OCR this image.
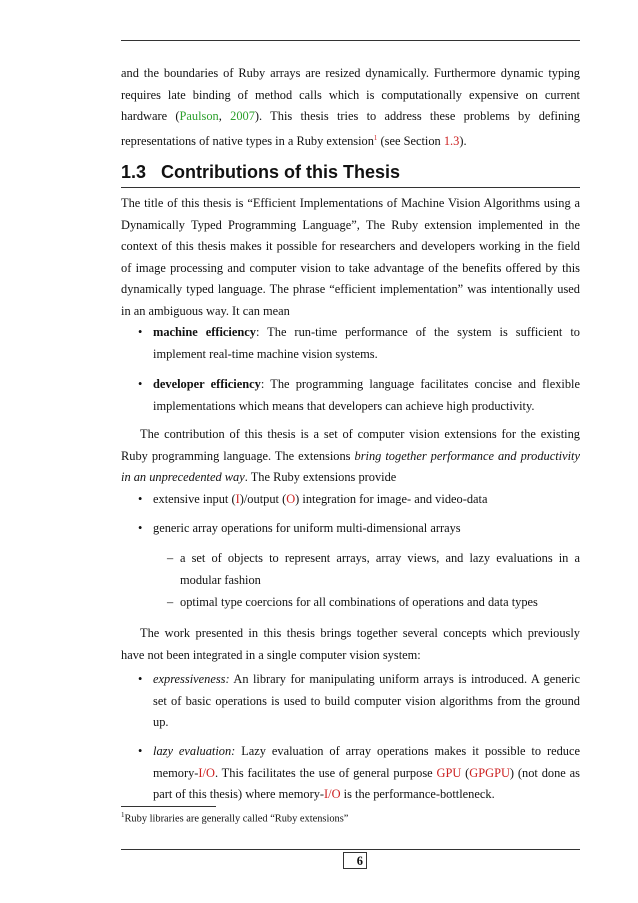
and the boundaries of Ruby arrays are resized dynamically. Furthermore dynamic typing requires late binding of method calls which is computationally expensive on current hardware (Paulson, 2007). This thesis tries to address these problems by defining representations of native types in a Ruby extension$^1$ (see Section 1.3).

1.3 Contributions of this Thesis

The title of this thesis is “Efficient Implementations of Machine Vision Algorithms using a Dynamically Typed Programming Language”, The Ruby extension implemented in the context of this thesis makes it possible for researchers and developers working in the field of image processing and computer vision to take advantage of the benefits offered by this dynamically typed language. The phrase “efficient implementation” was intentionally used in an ambiguous way. It can mean

• machine efficiency: The run-time performance of the system is sufficient to implement real-time machine vision systems.
• developer efficiency: The programming language facilitates concise and flexible implementations which means that developers can achieve high productivity.

The contribution of this thesis is a set of computer vision extensions for the existing Ruby programming language. The extensions bring together performance and productivity in an unprecedented way. The Ruby extensions provide

• extensive input (I)/output (O) integration for image- and video-data
• generic array operations for uniform multi-dimensional arrays
– a set of objects to represent arrays, array views, and lazy evaluations in a modular fashion
– optimal type coercions for all combinations of operations and data types

The work presented in this thesis brings together several concepts which previously have not been integrated in a single computer vision system:

• expressiveness: An library for manipulating uniform arrays is introduced. A generic set of basic operations is used to build computer vision algorithms from the ground up.
• lazy evaluation: Lazy evaluation of array operations makes it possible to reduce memory-I/O. This facilitates the use of general purpose GPU (GPGPU) (not done as part of this thesis) where memory-I/O is the performance-bottleneck.

$^1$Ruby libraries are generally called “Ruby extensions”

6
